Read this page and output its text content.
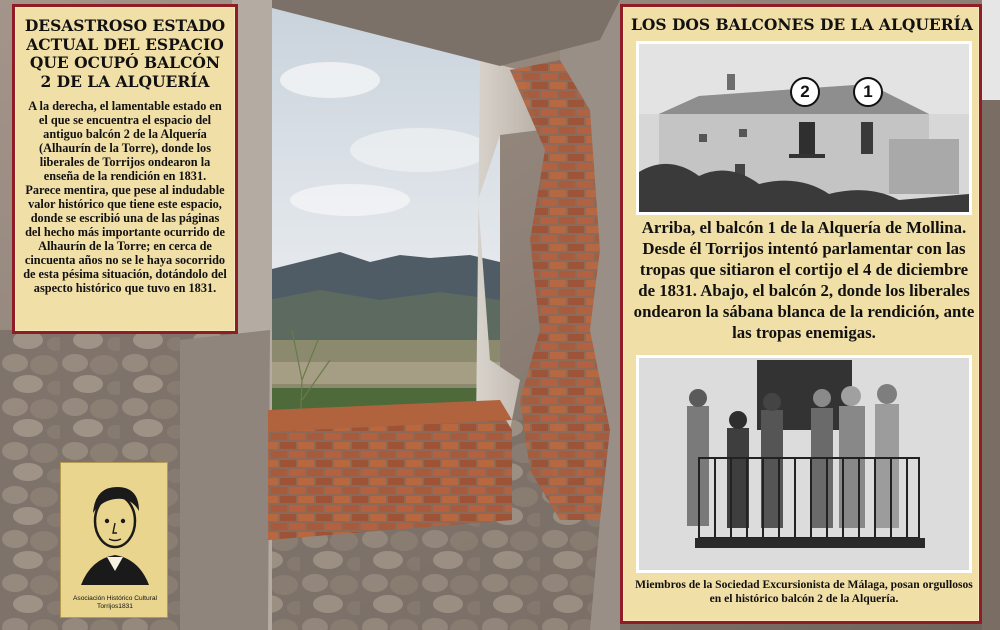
DESASTROSO ESTADO ACTUAL DEL ESPACIO QUE OCUPÓ BALCÓN 2 DE LA ALQUERÍA

A la derecha, el lamentable estado en el que se encuentra el espacio del antiguo balcón 2 de la Alquería (Alhaurín de la Torre), donde los liberales de Torrijos ondearon la enseña de la rendición en 1831.

Parece mentira, que pese al indudable valor histórico que tiene este espacio, donde se escribió una de las páginas del hecho más importante ocurrido de Alhaurín de la Torre; en cerca de cincuenta años no se le haya socorrido de esta pésima situación, dotándolo del aspecto histórico que tuvo en 1831.

LOS DOS BALCONES DE LA ALQUERÍA
2	1
Arriba, el balcón 1 de la Alquería de Mollina. Desde él Torrijos intentó parlamentar con las tropas que sitiaron el cortijo el 4 de diciembre de 1831. Abajo, el balcón 2, donde los liberales ondearon la sábana blanca de la rendición, ante las tropas enemigas.
Miembros de la Sociedad Excursionista de Málaga, posan orgullosos en el histórico balcón 2 de la Alquería.
Asociación Histórico Cultural
Torrijos1831
